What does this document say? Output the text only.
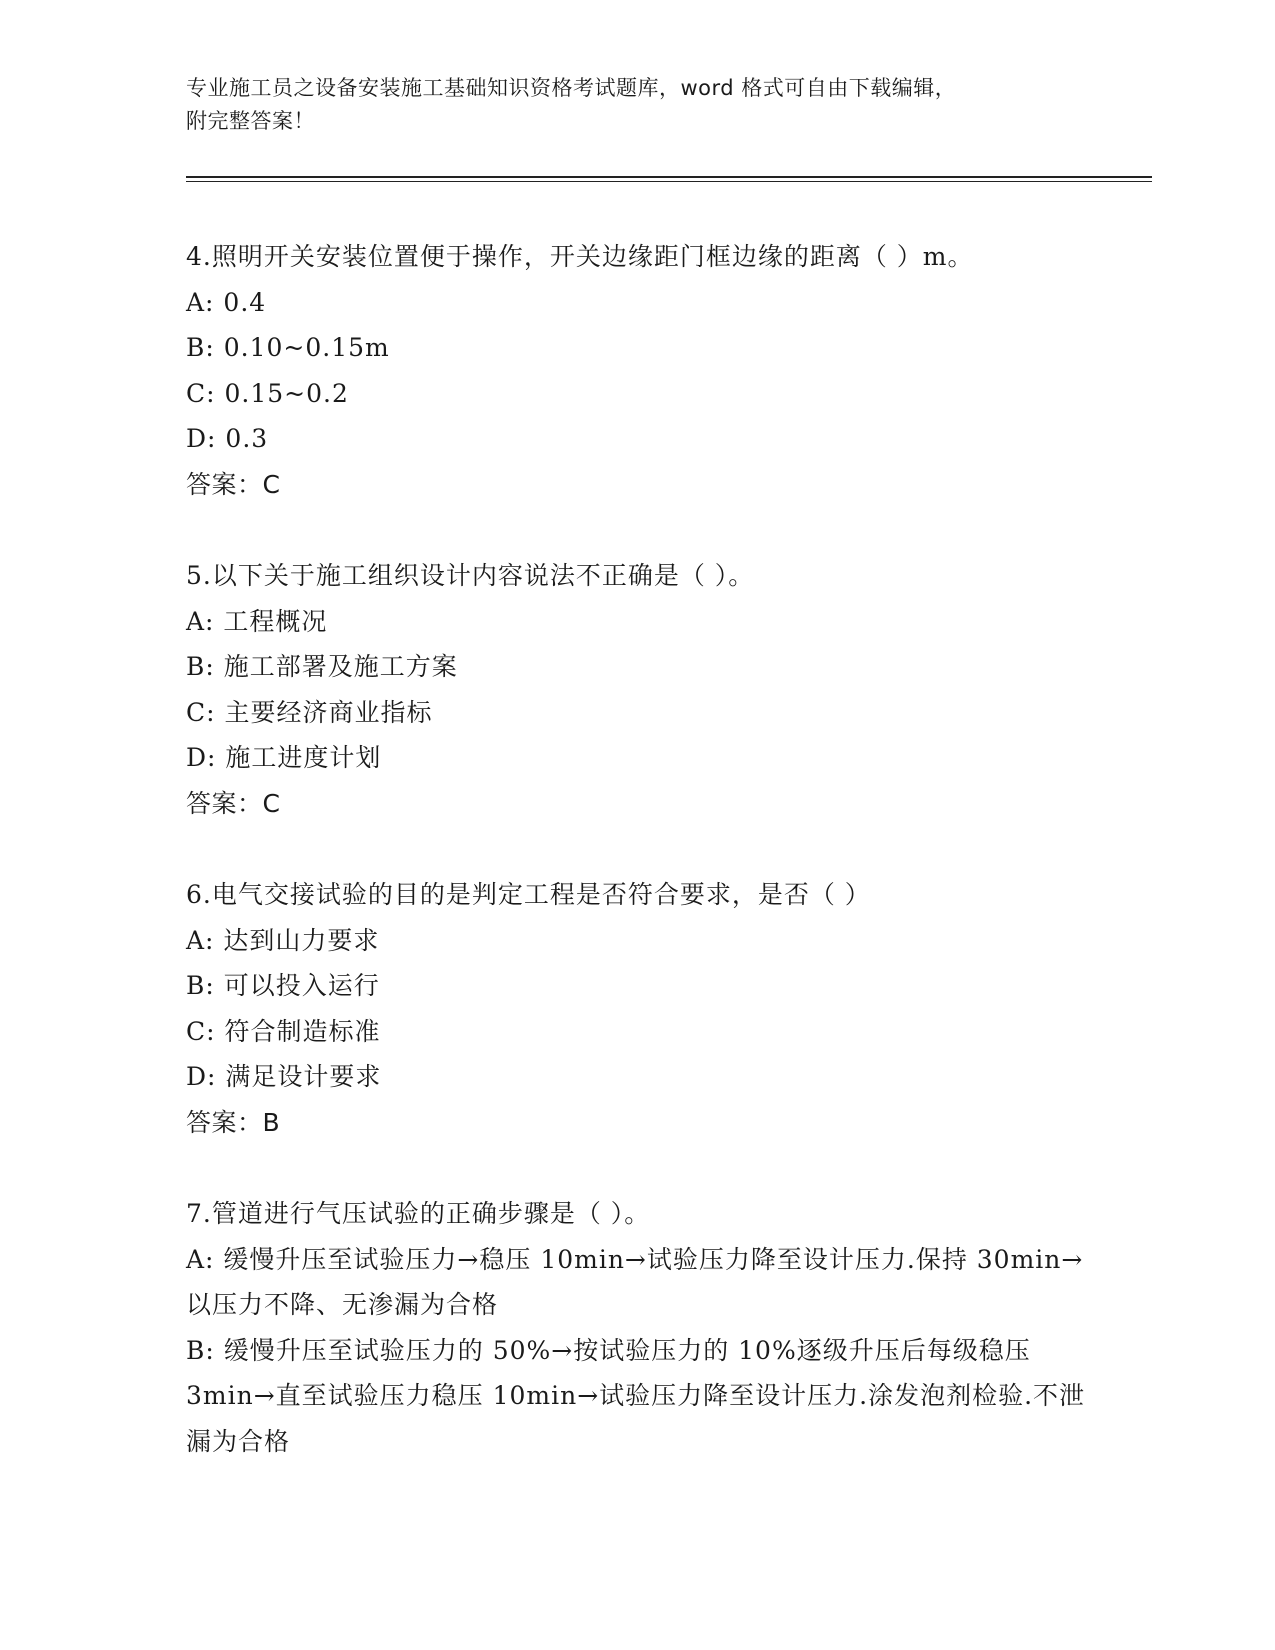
专业施工员之设备安装施工基础知识资格考试题库，word 格式可自由下载编辑，
附完整答案！
4.照明开关安装位置便于操作，开关边缘距门框边缘的距离（ ）m。
A: 0.4
B: 0.10~0.15m
C: 0.15~0.2
D: 0.3
答案：C
5.以下关于施工组织设计内容说法不正确是（ ）。
A: 工程概况
B: 施工部署及施工方案
C: 主要经济商业指标
D: 施工进度计划
答案：C
6.电气交接试验的目的是判定工程是否符合要求，是否（ ）
A: 达到山力要求
B: 可以投入运行
C: 符合制造标准
D: 满足设计要求
答案：B
7.管道进行气压试验的正确步骤是（ ）。
A: 缓慢升压至试验压力→稳压 10min→试验压力降至设计压力.保持 30min→以压力不降、无渗漏为合格
B: 缓慢升压至试验压力的 50%→按试验压力的 10%逐级升压后每级稳压 3min→直至试验压力稳压 10min→试验压力降至设计压力.涂发泡剂检验.不泄漏为合格
